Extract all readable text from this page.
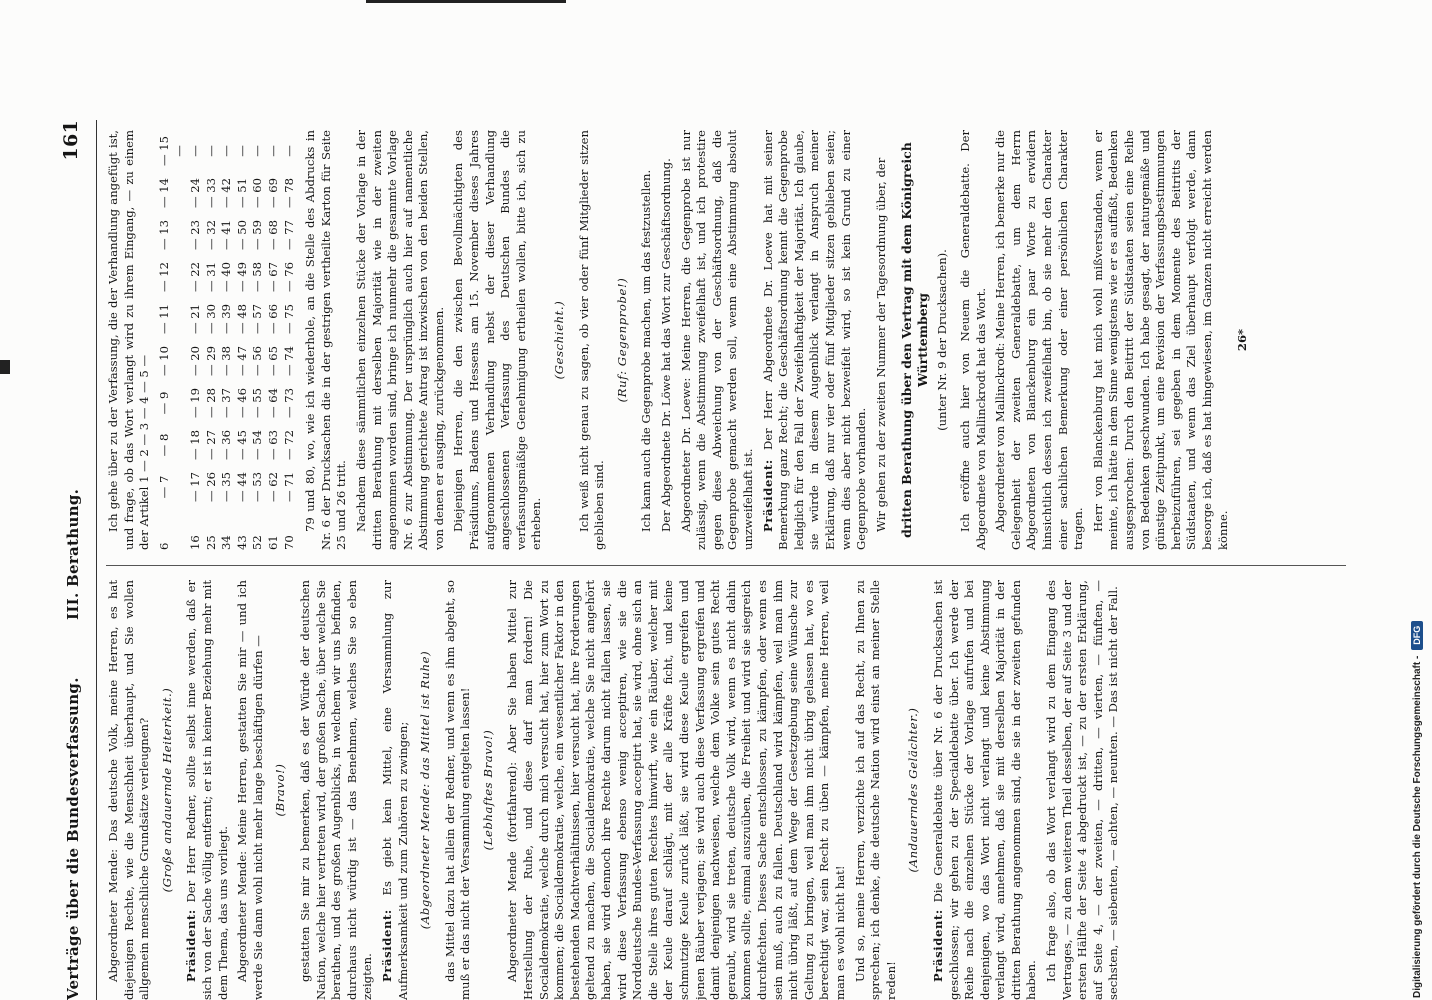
Verträge über die Bundesverfassung.
III. Berathung.
161

Abgeordneter Mende: Das deutsche Volk, meine Herren, es hat diejenigen Rechte, wie die Menschheit überhaupt, und Sie wollen allgemein menschliche Grundsätze verleugnen? (Große andauernde Heiterkeit.)

Präsident: Der Herr Redner, sollte selbst inne werden, daß er sich von der Sache völlig entfernt; er ist in keiner Beziehung mehr mit dem Thema, das uns vorliegt. Abgeordneter Mende: Meine Herren, gestatten Sie mir — und ich werde Sie dann wohl nicht mehr lange beschäftigen dürfen — (Bravo!) gestatten Sie mir zu bemerken, daß es der Würde der deutschen Nation, welche hier vertreten wird, der großen Sache, über welche Sie berathen, und des großen Augenblicks, in welchem wir uns befinden, durchaus nicht würdig ist — das Benehmen, welches Sie so eben zeigten. Präsident: Es giebt kein Mittel, eine Versammlung zur Aufmerksamkeit und zum Zuhören zu zwingen; (Abgeordneter Mende: das Mittel ist Ruhe) das Mittel dazu hat allein der Redner, und wenn es ihm abgeht, so muß er das nicht der Versammlung entgelten lassen! (Lebhaftes Bravo!) Abgeordneter Mende (fortfahrend): Aber Sie haben Mittel zur Herstellung der Ruhe, und diese darf man fordern! Die Socialdemokratie, welche durch mich versucht hat, hier zum Wort zu kommen; die Socialdemokratie, welche, ein wesentlicher Faktor in den bestehenden Machtverhältnissen, hier versucht hat, ihre Forderungen geltend zu machen, die Socialdemokratie, welche Sie nicht angehört haben, sie wird dennoch ihre Rechte darum nicht fallen lassen, sie wird diese Verfassung ebenso wenig acceptiren, wie sie die Norddeutsche Bundes-Verfassung acceptirt hat, sie wird, ohne sich an die Stelle ihres guten Rechtes hinwirft, wie ein Räuber, welcher mit der Keule darauf schlägt, mit der alle Kräfte ficht, und keine schmutzige Keule zurück läßt, sie wird diese Keule ergreifen und jenen Räuber verjagen; sie wird auch diese Verfassung ergreifen und damit denjenigen nachweisen, welche dem Volke sein gutes Recht geraubt, wird sie treten, deutsche Volk wird, wenn es nicht dahin kommen sollte, einmal auszuüben, die Freiheit und wird sie siegreich durchfechten. Dieses Sache entschlossen, zu kämpfen, oder wenn es sein muß, auch zu fallen. Deutschland wird kämpfen, weil man ihm nicht übrig läßt, auf dem Wege der Gesetzgebung seine Wünsche zur Geltung zu bringen, weil man ihm nicht übrig gelassen hat, wo es berechtigt war, sein Recht zu üben — kämpfen, meine Herren, weil man es wohl nicht hat! Und so, meine Herren, verzichte ich auf das Recht, zu Ihnen zu sprechen; ich denke, die deutsche Nation wird einst an meiner Stelle reden!

(Andauerndes Gelächter.)

Präsident: Die Generaldebatte über Nr. 6 der Drucksachen ist geschlossen; wir gehen zu der Specialdebatte über. Ich werde der Reihe nach die einzelnen Stücke der Vorlage aufrufen und bei denjenigen, wo das Wort nicht verlangt und keine Abstimmung verlangt wird, annehmen, daß sie mit derselben Majorität in der dritten Berathung angenommen sind, die sie in der zweiten gefunden haben. Ich frage also, ob das Wort verlangt wird zu dem Eingang des Vertrages, — zu dem weiteren Theil desselben, der auf Seite 3 und der ersten Hälfte der Seite 4 abgedruckt ist, — zu der ersten Erklärung, auf Seite 4, — der zweiten, — dritten, — vierten, — fünften, — sechsten, — siebenten, — achten, — neunten. — Das ist nicht der Fall.

Ich gehe über zu der Verfassung, die der Verhandlung angefügt ist, und frage, ob das Wort verlangt wird zu ihrem Eingang, — zu einem der Artikel 1 — 2 — 3 — 4 — 5 — 6
— 7
— 8
— 9
— 10
— 11
— 12
— 13
— 14
— 15 —
16
— 17
— 18
— 19
— 20
— 21
— 22
— 23
— 24
—
25
— 26
— 27
— 28
— 29
— 30
— 31
— 32
— 33
—
34
— 35
— 36
— 37
— 38
— 39
— 40
— 41
— 42
—
43
— 44
— 45
— 46
— 47
— 48
— 49
— 50
— 51
—
52
— 53
— 54
— 55
— 56
— 57
— 58
— 59
— 60
—
61
— 62
— 63
— 64
— 65
— 66
— 67
— 68
— 69
—
70
— 71
— 72
— 73
— 74
— 75
— 76
— 77
— 78
— 79 und 80, wo, wie ich wiederhole, an die Stelle des Abdrucks in Nr. 6 der Drucksachen die in der gestrigen vertheilte Karton für Seite 25 und 26 tritt. Nachdem diese sämmtlichen einzelnen Stücke der Vorlage in der dritten Berathung mit derselben Majorität wie in der zweiten angenommen worden sind, bringe ich nunmehr die gesammte Vorlage Nr. 6 zur Abstimmung. Der ursprünglich auch hier auf namentliche Abstimmung gerichtete Antrag ist inzwischen von den beiden Stellen, von denen er ausging, zurückgenommen. Diejenigen Herren, die den zwischen Bevollmächtigten des Präsidiums, Badens und Hessens am 15. November dieses Jahres aufgenommenen Verhandlung nebst der dieser Verhandlung angeschlossenen Verfassung des Deutschen Bundes die verfassungsmäßige Genehmigung ertheilen wollen, bitte ich, sich zu erheben.

(Geschieht.) Ich weiß nicht genau zu sagen, ob vier oder fünf Mitglieder sitzen geblieben sind.

(Ruf: Gegenprobe!) Ich kann auch die Gegenprobe machen, um das festzustellen. Der Abgeordnete Dr. Löwe hat das Wort zur Geschäftsordnung. Abgeordneter Dr. Loewe: Meine Herren, die Gegenprobe ist nur zulässig, wenn die Abstimmung zweifelhaft ist, und ich protestire gegen diese Abweichung von der Geschäftsordnung, daß die Gegenprobe gemacht werden soll, wenn eine Abstimmung absolut unzweifelhaft ist. Präsident: Der Herr Abgeordnete Dr. Loewe hat mit seiner Bemerkung ganz Recht; die Geschäftsordnung kennt die Gegenprobe lediglich für den Fall der Zweifelhaftigkeit der Majorität. Ich glaube, sie würde in diesem Augenblick verlangt in Anspruch meiner Erklärung, daß nur vier oder fünf Mitglieder sitzen geblieben seien; wenn dies aber nicht bezweifelt wird, so ist kein Grund zu einer Gegenprobe vorhanden. Wir gehen zu der zweiten Nummer der Tagesordnung über, der dritten Berathung über den Vertrag mit dem Königreich Württemberg (unter Nr. 9 der Drucksachen). Ich eröffne auch hier von Neuem die Generaldebatte. Der Abgeordnete von Mallinckrodt hat das Wort. Abgeordneter von Mallinckrodt: Meine Herren, ich bemerke nur die Gelegenheit der zweiten Generaldebatte, um dem Herrn Abgeordneten von Blanckenburg ein paar Worte zu erwidern hinsichtlich dessen ich zweifelhaft bin, ob sie mehr den Charakter einer sachlichen Bemerkung oder einer persönlichen Charakter tragen. Herr von Blanckenburg hat mich wohl mißverstanden, wenn er meinte, ich hätte in dem Sinne wenigstens wie er es auffaßt, Bedenken ausgesprochen: Durch den Beitritt der Südstaaten seien eine Reihe von Bedenken geschwunden. Ich habe gesagt, der naturgemäße und günstige Zeitpunkt, um eine Revision der Verfassungsbestimmungen herbeizuführen, sei gegeben in dem Momente des Beitritts der Südstaaten, und wenn das Ziel überhaupt verfolgt werde, dann besorge ich, daß es hat hingewiesen, im Ganzen nicht erreicht werden könne.

26*

Digitalisierung gefördert durch die Deutsche Forschungsgemeinschaft -
DFG
